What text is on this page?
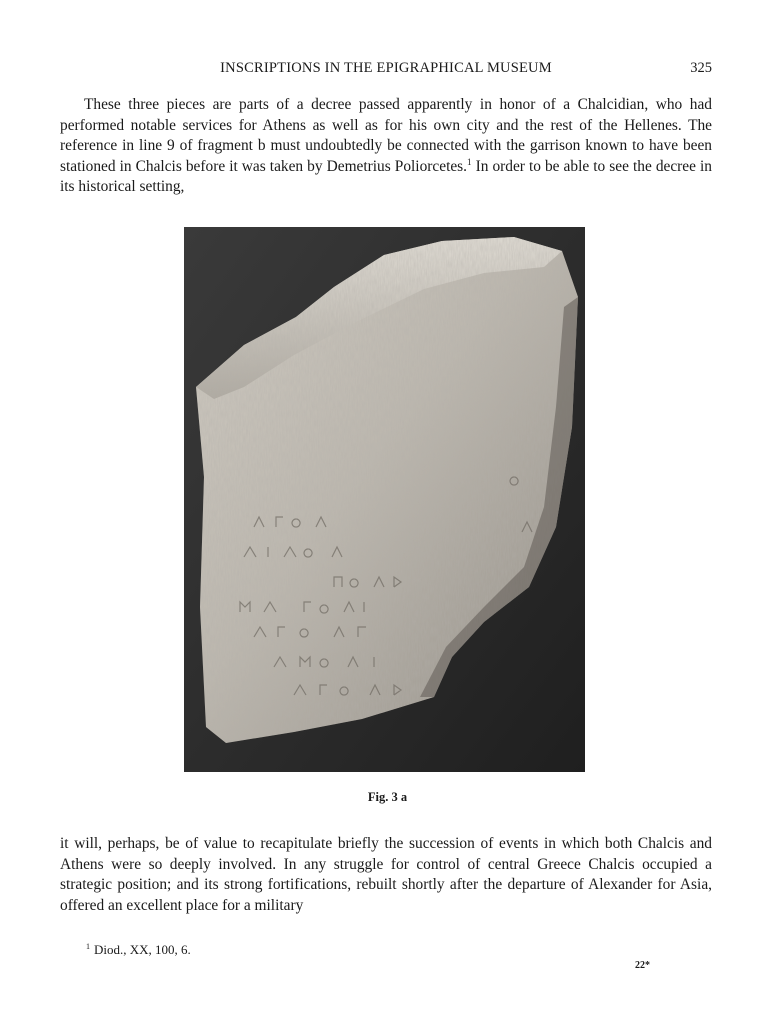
INSCRIPTIONS IN THE EPIGRAPHICAL MUSEUM	325

These three pieces are parts of a decree passed apparently in honor of a Chalcidian, who had performed notable services for Athens as well as for his own city and the rest of the Hellenes. The reference in line 9 of fragment b must undoubtedly be connected with the garrison known to have been stationed in Chalcis before it was taken by Demetrius Poliorcetes.$^1$ In order to be able to see the decree in its historical setting,

Fig. 3 a

it will, perhaps, be of value to recapitulate briefly the succession of events in which both Chalcis and Athens were so deeply involved. In any struggle for control of central Greece Chalcis occupied a strategic position; and its strong fortifications, rebuilt shortly after the departure of Alexander for Asia, offered an excellent place for a military

$^1$ Diod., XX, 100, 6.
22*
